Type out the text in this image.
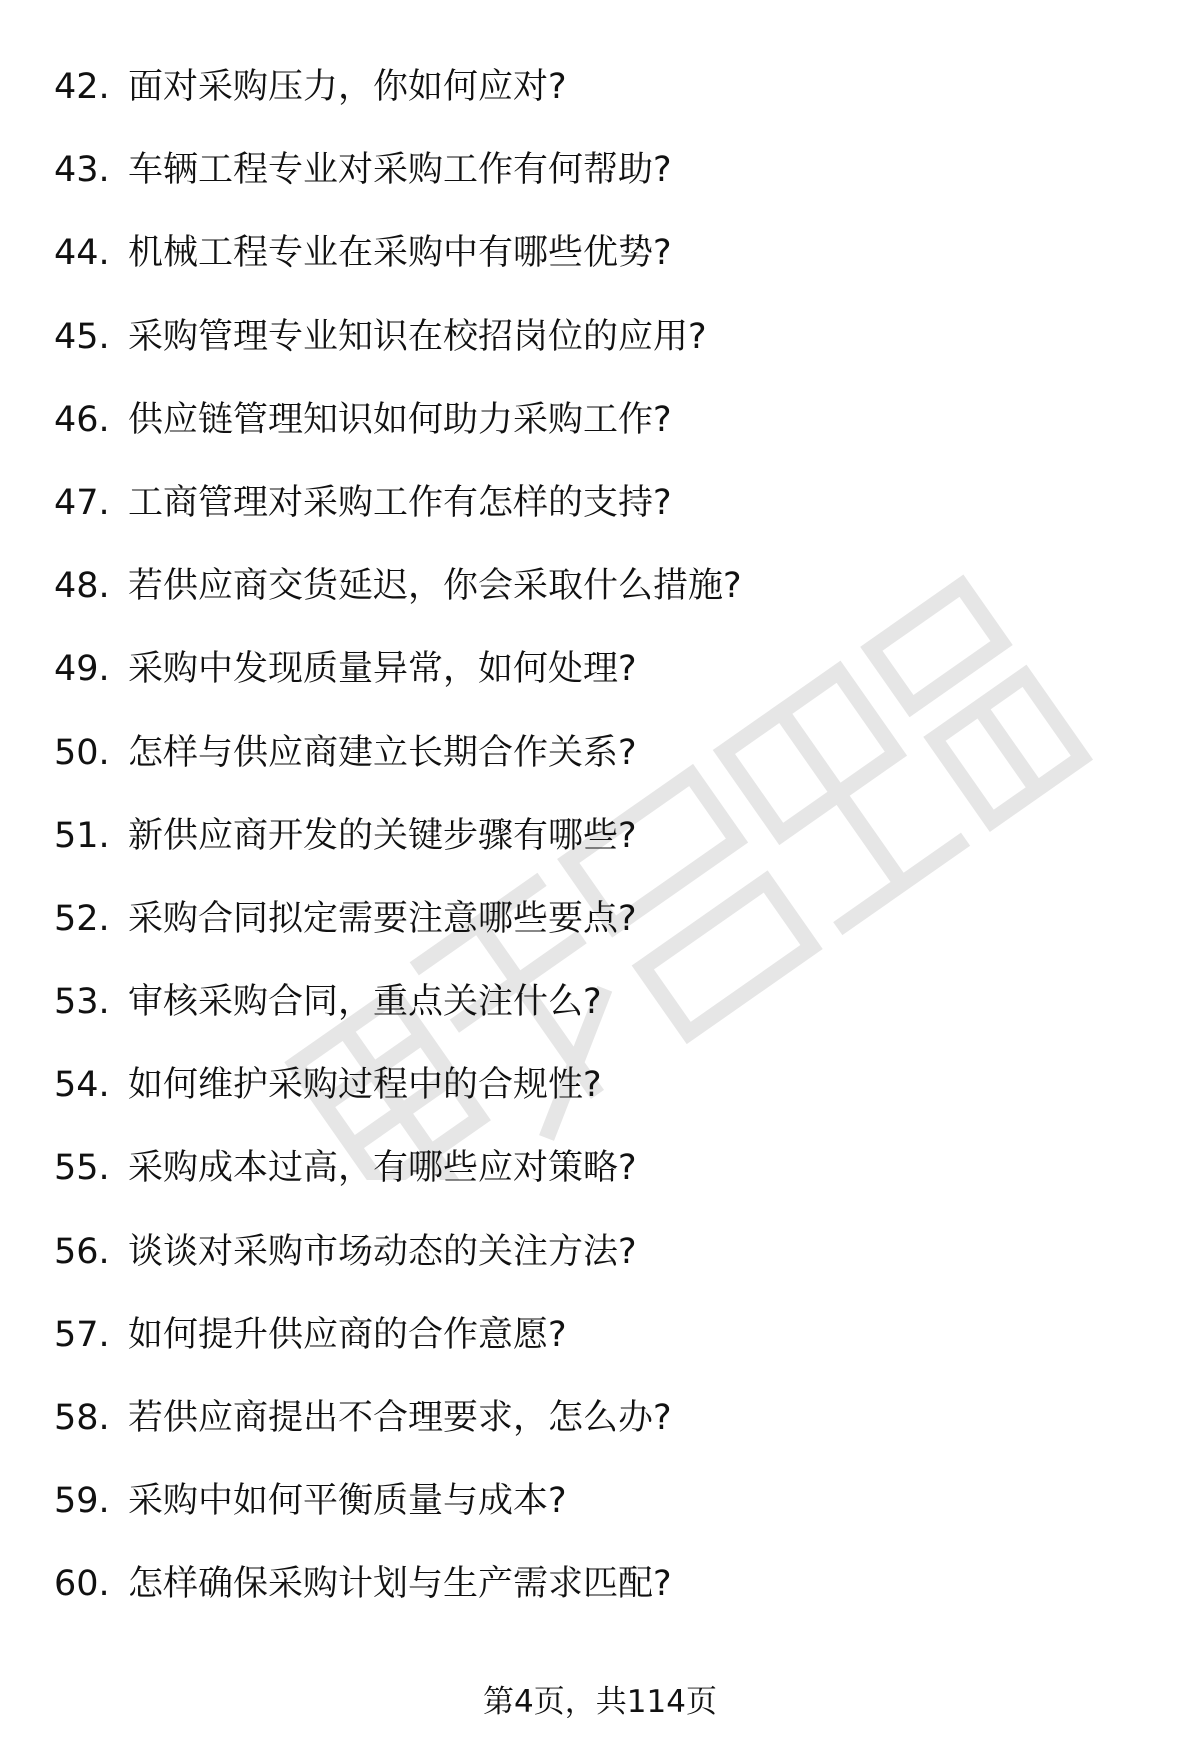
42. 面对采购压力，你如何应对?
43. 车辆工程专业对采购工作有何帮助?
44. 机械工程专业在采购中有哪些优势?
45. 采购管理专业知识在校招岗位的应用?
46. 供应链管理知识如何助力采购工作?
47. 工商管理对采购工作有怎样的支持?
48. 若供应商交货延迟，你会采取什么措施?
49. 采购中发现质量异常，如何处理?
50. 怎样与供应商建立长期合作关系?
51. 新供应商开发的关键步骤有哪些?
52. 采购合同拟定需要注意哪些要点?
53. 审核采购合同，重点关注什么?
54. 如何维护采购过程中的合规性?
55. 采购成本过高，有哪些应对策略?
56. 谈谈对采购市场动态的关注方法?
57. 如何提升供应商的合作意愿?
58. 若供应商提出不合理要求，怎么办?
59. 采购中如何平衡质量与成本?
60. 怎样确保采购计划与生产需求匹配?
第4页，共114页
